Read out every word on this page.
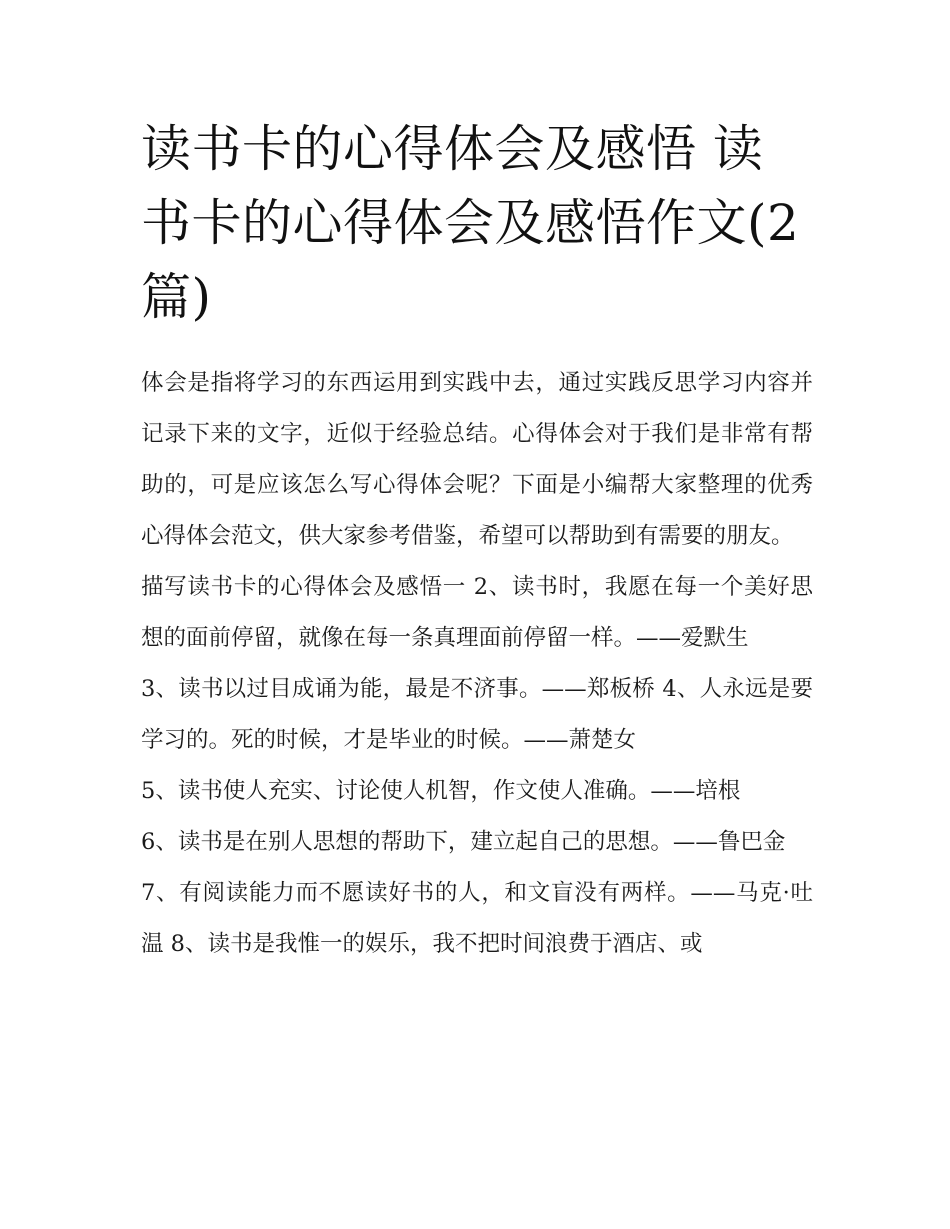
读书卡的心得体会及感悟 读书卡的心得体会及感悟作文(2篇)

体会是指将学习的东西运用到实践中去，通过实践反思学习内容并记录下来的文字，近似于经验总结。心得体会对于我们是非常有帮助的，可是应该怎么写心得体会呢？下面是小编帮大家整理的优秀心得体会范文，供大家参考借鉴，希望可以帮助到有需要的朋友。

描写读书卡的心得体会及感悟一 2、读书时，我愿在每一个美好思想的面前停留，就像在每一条真理面前停留一样。——爱默生

3、读书以过目成诵为能，最是不济事。——郑板桥 4、人永远是要学习的。死的时候，才是毕业的时候。——萧楚女

5、读书使人充实、讨论使人机智，作文使人准确。——培根

6、读书是在别人思想的帮助下，建立起自己的思想。——鲁巴金

7、有阅读能力而不愿读好书的人，和文盲没有两样。——马克·吐温 8、读书是我惟一的娱乐，我不把时间浪费于酒店、或
